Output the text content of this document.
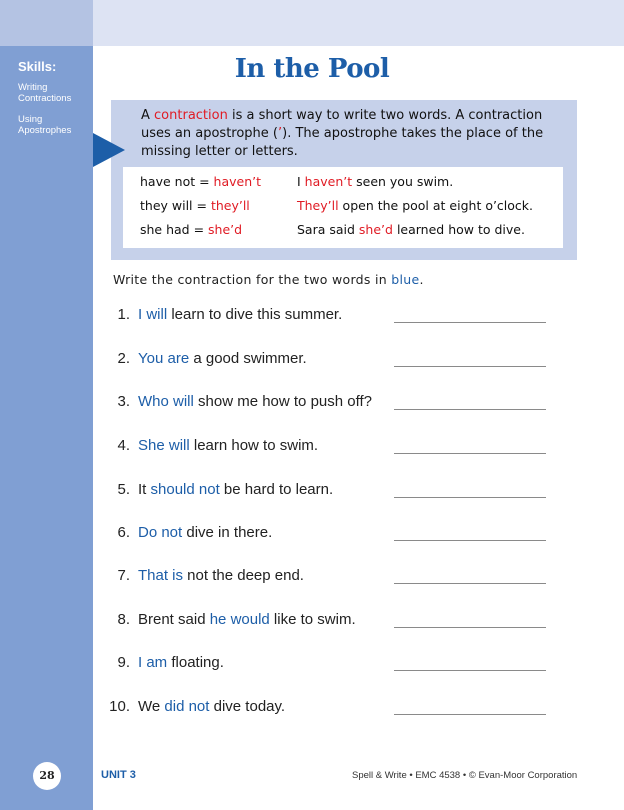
Skills:
Writing Contractions
Using Apostrophes
In the Pool
A contraction is a short way to write two words. A contraction uses an apostrophe (’). The apostrophe takes the place of the missing letter or letters.
have not = haven’t	I haven’t seen you swim.
they will = they’ll	They’ll open the pool at eight o’clock.
she had = she’d	Sara said she’d learned how to dive.
Write the contraction for the two words in blue.
1. I will learn to dive this summer.
2. You are a good swimmer.
3. Who will show me how to push off?
4. She will learn how to swim.
5. It should not be hard to learn.
6. Do not dive in there.
7. That is not the deep end.
8. Brent said he would like to swim.
9. I am floating.
10. We did not dive today.
28	UNIT 3	Spell & Write • EMC 4538 • © Evan-Moor Corporation
